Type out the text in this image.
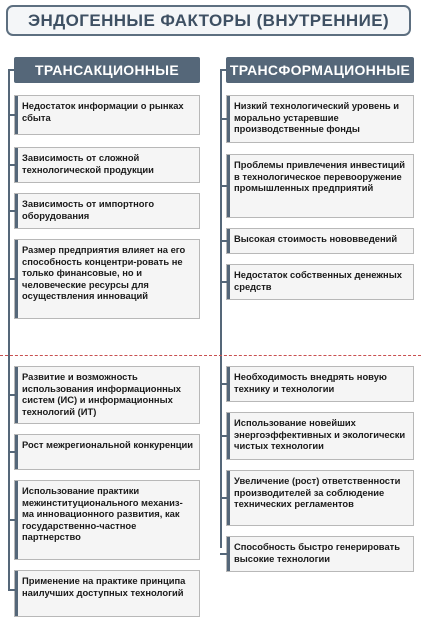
ЭНДОГЕННЫЕ ФАКТОРЫ (ВНУТРЕННИЕ)
ТРАНСАКЦИОННЫЕ	ТРАНСФОРМАЦИОННЫЕ
Недостаток информации о рынках сбыта
Зависимость от сложной технологической продукции
Зависимость от импортного оборудования
Размер предприятия влияет на его способность концентри-ровать не только финансовые, но и человеческие ресурсы для осуществления инноваций
Развитие и возможность использования информационных систем (ИС) и информационных технологий (ИТ)
Рост межрегиональной конкуренции
Использование практики межинституционального механиз-ма инновационного развития, как государственно-частное партнерство
Применение на практике принципа наилучших доступных технологий
Низкий технологический уровень и морально устаревшие производственные фонды
Проблемы привлечения инвестиций в технологическое перевооружение промышленных предприятий
Высокая стоимость нововведений
Недостаток собственных денежных средств
Необходимость внедрять новую технику и технологии
Использование новейших энергоэффективных и экологически чистых технологии
Увеличение (рост) ответственности производителей за соблюдение технических регламентов
Способность быстро генерировать высокие технологии
